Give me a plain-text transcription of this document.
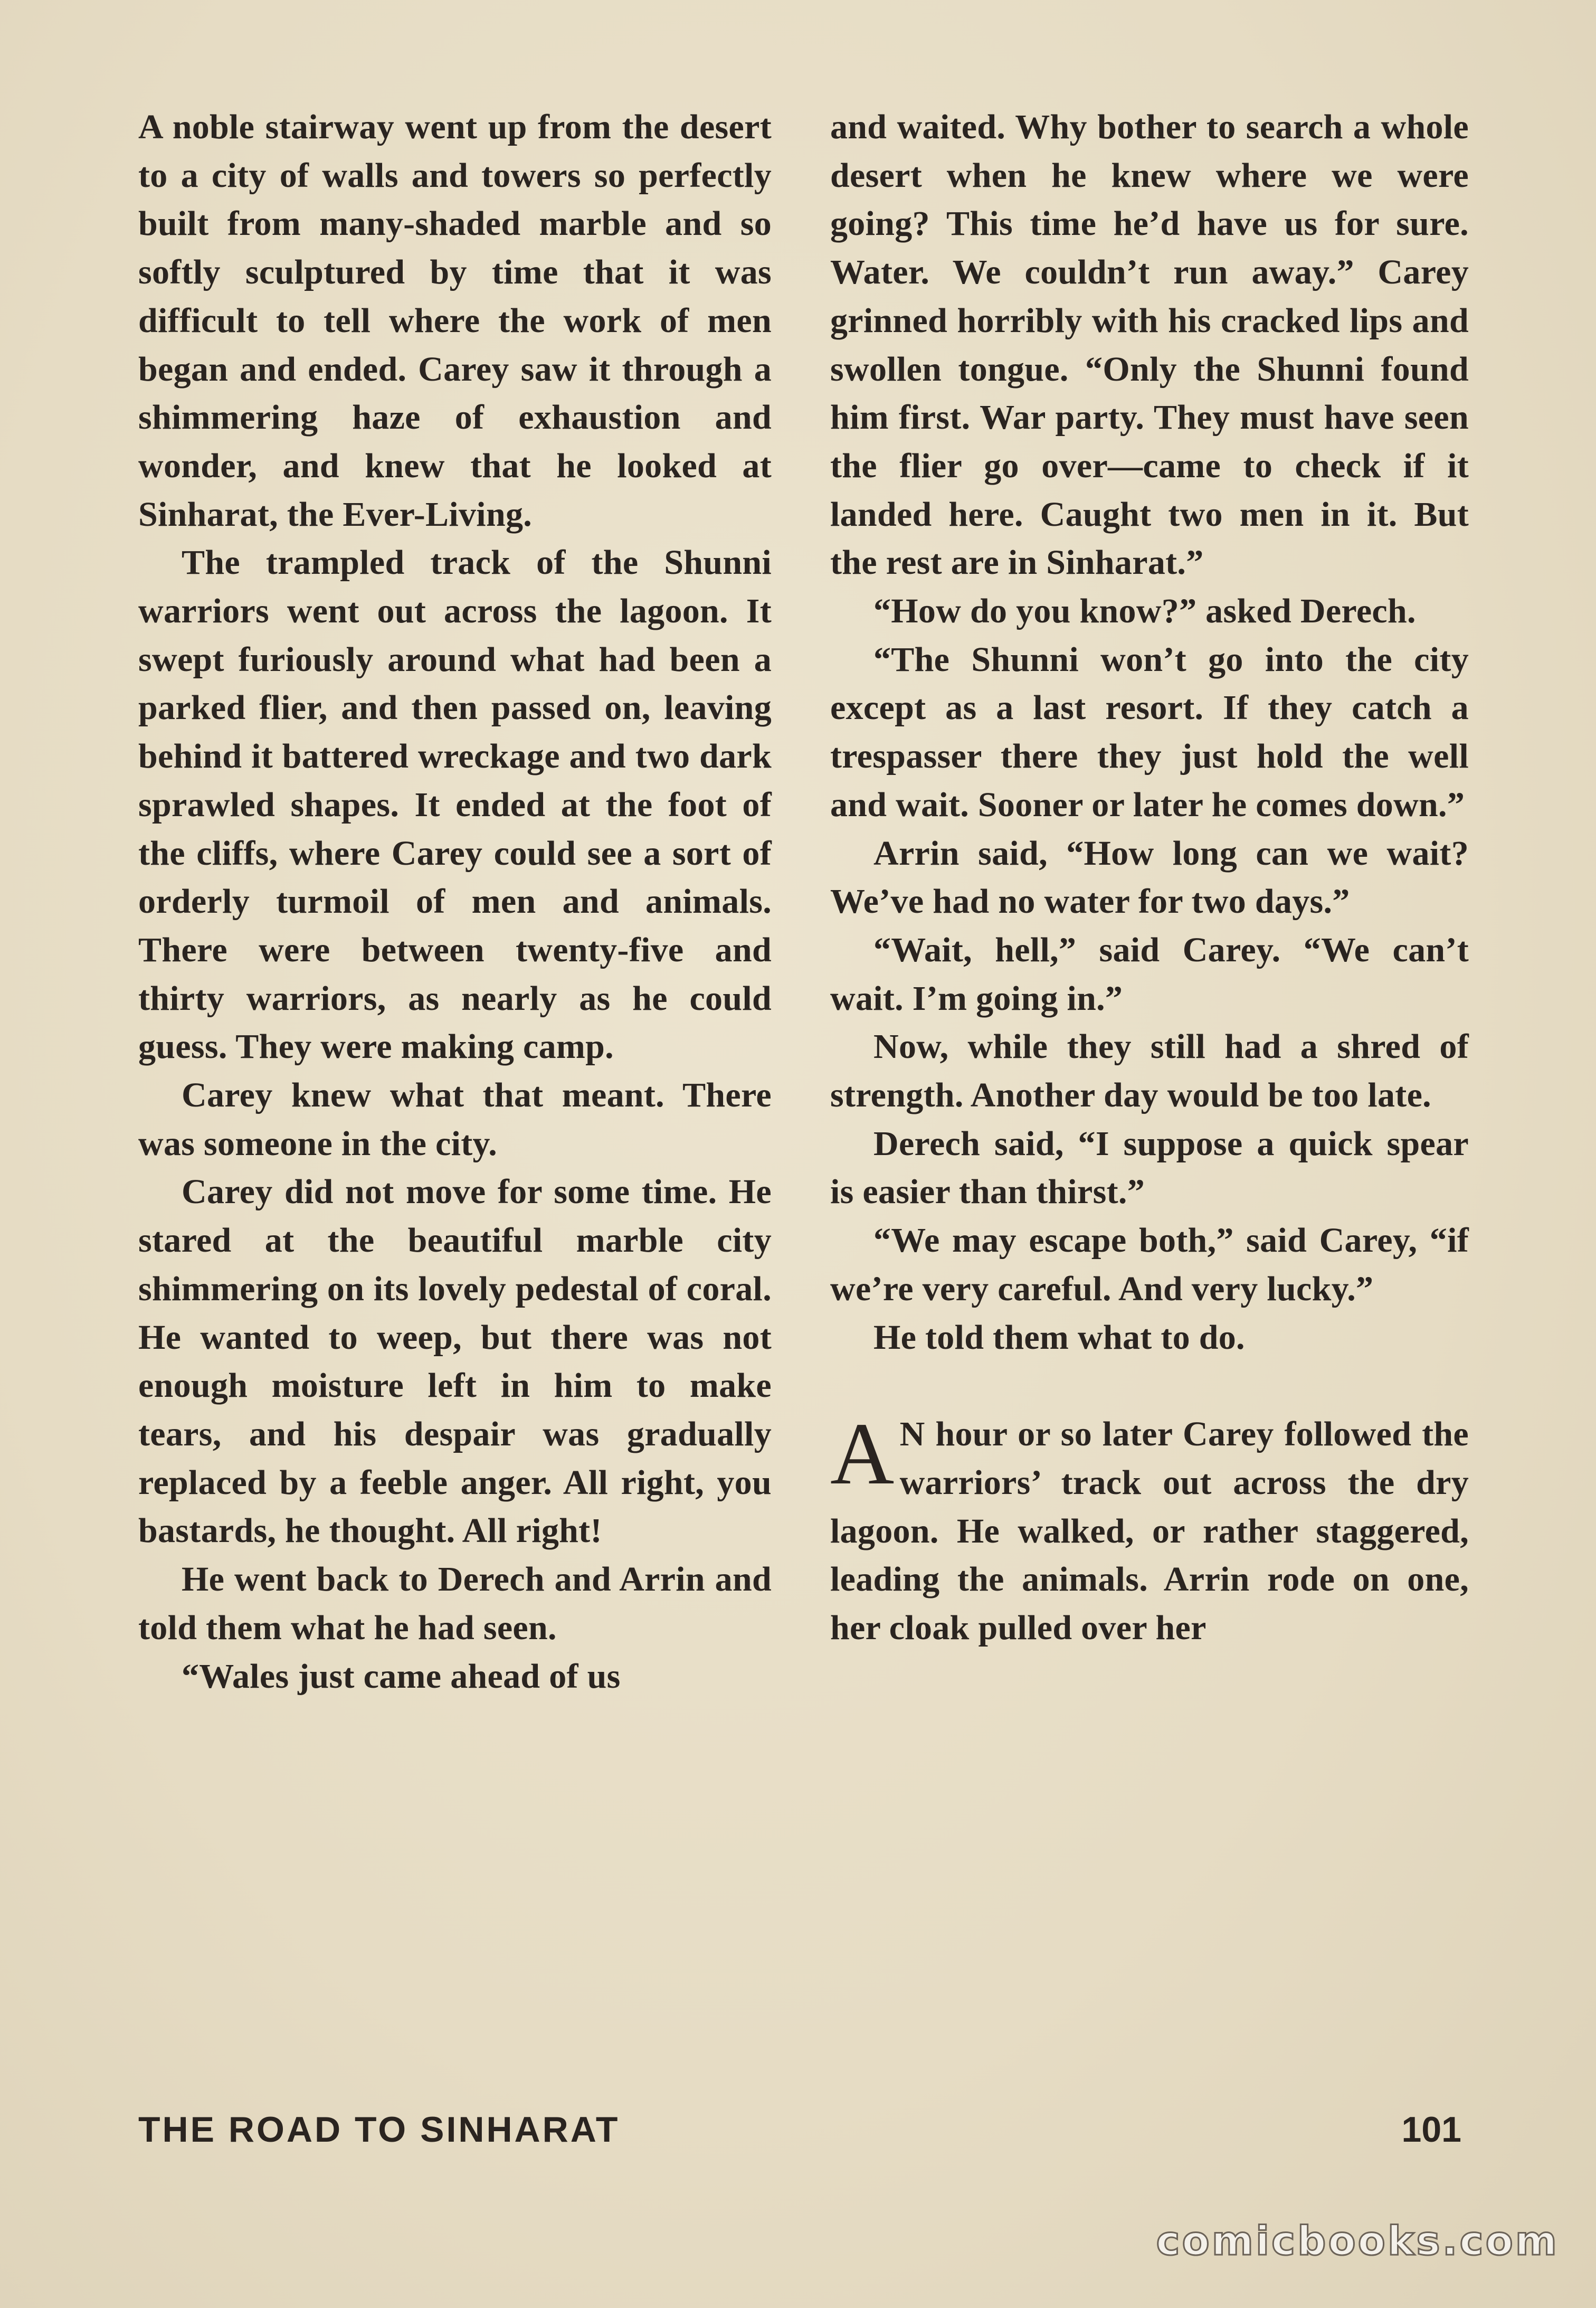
A noble stairway went up from the desert to a city of walls and towers so perfectly built from many-shaded marble and so softly sculptured by time that it was difficult to tell where the work of men began and ended. Carey saw it through a shimmering haze of exhaustion and wonder, and knew that he looked at Sinharat, the Ever-Living.

The trampled track of the Shunni warriors went out across the lagoon. It swept furiously around what had been a parked flier, and then passed on, leaving behind it battered wreckage and two dark sprawled shapes. It ended at the foot of the cliffs, where Carey could see a sort of orderly turmoil of men and animals. There were between twenty-five and thirty warriors, as nearly as he could guess. They were making camp.

Carey knew what that meant. There was someone in the city.

Carey did not move for some time. He stared at the beautiful marble city shimmering on its lovely pedestal of coral. He wanted to weep, but there was not enough moisture left in him to make tears, and his despair was gradually replaced by a feeble anger. All right, you bastards, he thought. All right!

He went back to Derech and Arrin and told them what he had seen.

“Wales just came ahead of us

and waited. Why bother to search a whole desert when he knew where we were going? This time he’d have us for sure. Water. We couldn’t run away.” Carey grinned horribly with his cracked lips and swollen tongue. “Only the Shunni found him first. War party. They must have seen the flier go over—came to check if it landed here. Caught two men in it. But the rest are in Sinharat.”

“How do you know?” asked Derech.

“The Shunni won’t go into the city except as a last resort. If they catch a trespasser there they just hold the well and wait. Sooner or later he comes down.”

Arrin said, “How long can we wait? We’ve had no water for two days.”

“Wait, hell,” said Carey. “We can’t wait. I’m going in.”

Now, while they still had a shred of strength. Another day would be too late.

Derech said, “I suppose a quick spear is easier than thirst.”

“We may escape both,” said Carey, “if we’re very careful. And very lucky.”

He told them what to do.

A N hour or so later Carey followed the warriors’ track out across the dry lagoon. He walked, or rather staggered, leading the animals. Arrin rode on one, her cloak pulled over her

THE ROAD TO SINHARAT	101
comicbooks.com
